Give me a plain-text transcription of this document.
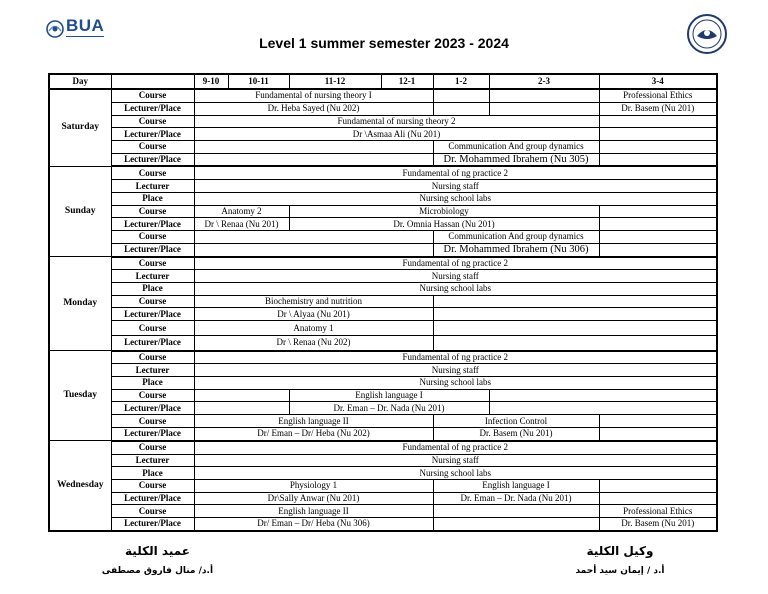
BUA
Level 1 summer semester 2023 - 2024
Day		9-10	10-11	11-12	12-1	1-2	2-3	3-4
Saturday	Course	Fundamental of nursing theory I						Professional Ethics
	Lecturer/Place	Dr. Heba Sayed (Nu 202)						Dr. Basem (Nu 201)
	Course	Fundamental of nursing theory 2						
	Lecturer/Place	Dr \Asmaa Ali (Nu 201)						
	Course					Communication And group dynamics		
	Lecturer/Place					Dr. Mohammed Ibrahem (Nu 305)		
Sunday	Course	Fundamental of ng practice 2						
	Lecturer	Nursing staff						
	Place	Nursing school labs						
	Course	Anatomy 2		Microbiology				
	Lecturer/Place	Dr \ Renaa (Nu 201)		Dr. Omnia Hassan (Nu 201)				
	Course					Communication And group dynamics		
	Lecturer/Place					Dr. Mohammed Ibrahem (Nu 306)		
Monday	Course	Fundamental of ng practice 2						
	Lecturer	Nursing staff						
	Place	Nursing school labs						
	Course	Biochemistry and nutrition						
	Lecturer/Place	Dr \ Alyaa (Nu 201)						
	Course	Anatomy 1						
	Lecturer/Place	Dr \ Renaa (Nu 202)						
Tuesday	Course	Fundamental of ng practice 2						
	Lecturer	Nursing staff						
	Place	Nursing school labs						
	Course			English language I				
	Lecturer/Place			Dr. Eman – Dr. Nada (Nu 201)				
	Course	English language II				Infection Control		
	Lecturer/Place	Dr/ Eman – Dr/ Heba (Nu 202)				Dr. Basem (Nu 201)		
Wednesday	Course	Fundamental of ng practice 2						
	Lecturer	Nursing staff						
	Place	Nursing school labs						
	Course	Physiology 1				English language I		
	Lecturer/Place	Dr\Sally Anwar (Nu 201)				Dr. Eman – Dr. Nada (Nu 201)		
	Course	English language II						Professional Ethics
	Lecturer/Place	Dr/ Eman – Dr/ Heba (Nu 306)						Dr. Basem (Nu 201)
عميد الكلية
أ.د/ منال فاروق مصطفى
وكيل الكلية
أ.د / إيمان سيد أحمد
